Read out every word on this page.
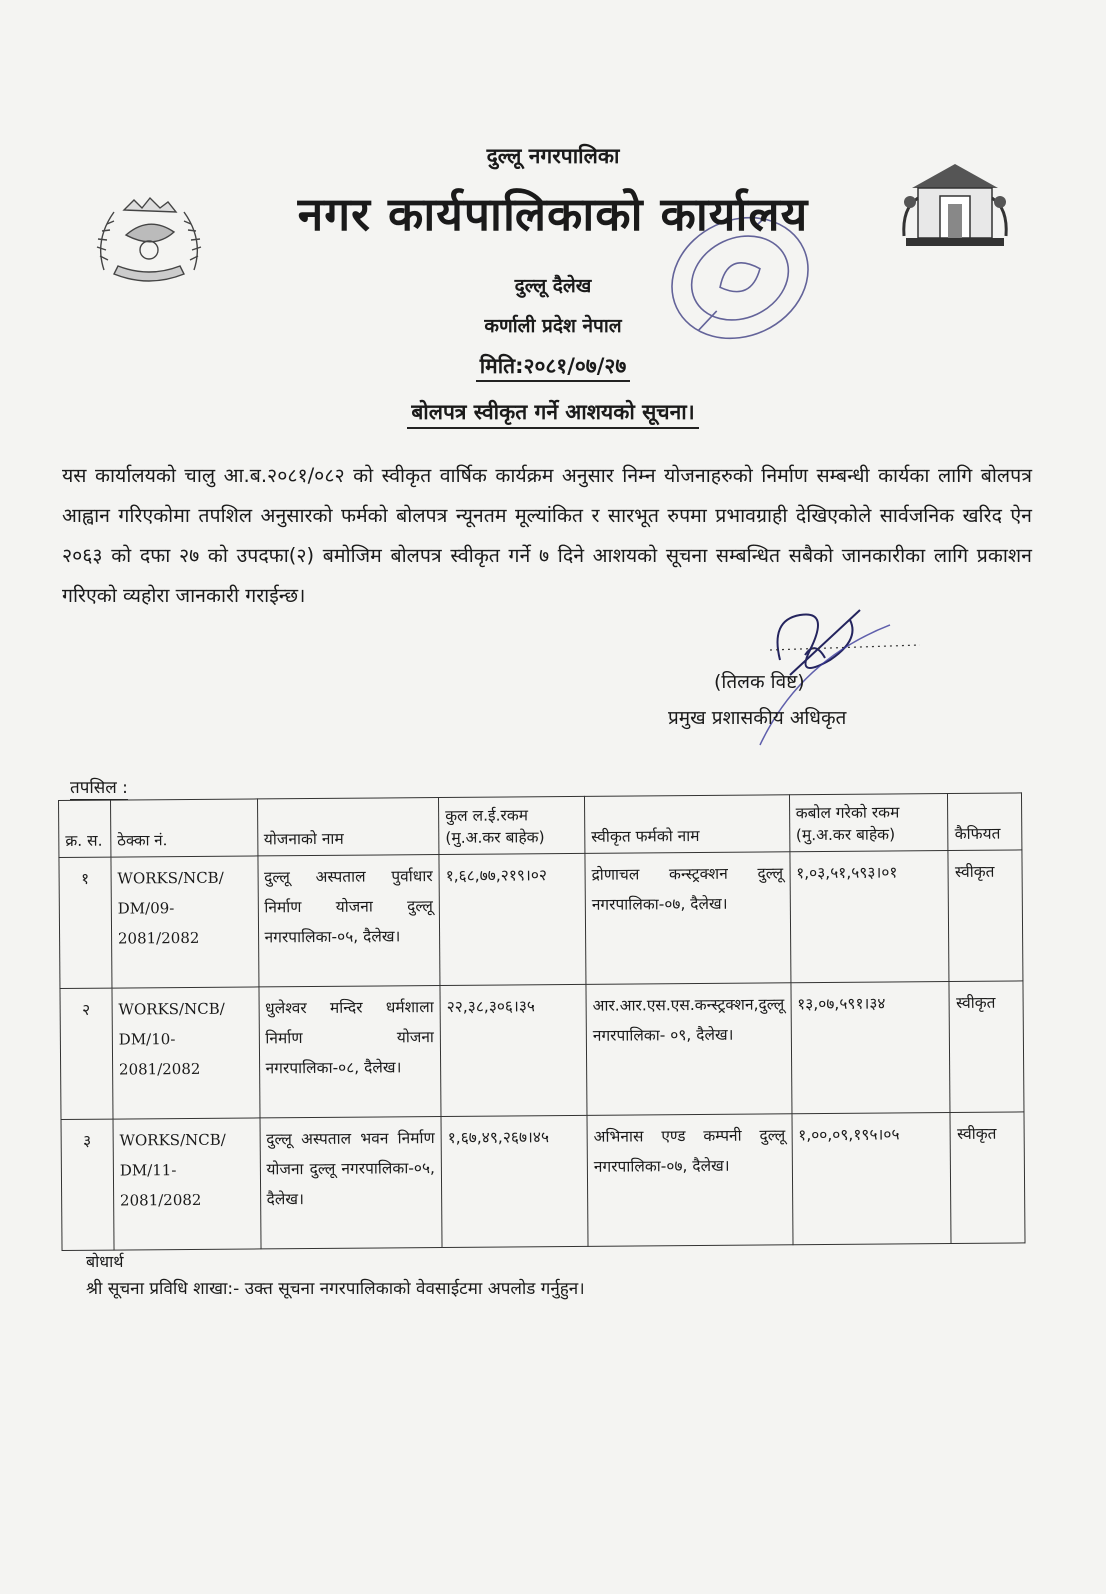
दुल्लू नगरपालिका
नगर कार्यपालिकाको कार्यालय
दुल्लू दैलेख
कर्णाली प्रदेश नेपाल
मिति:२०८१/०७/२७
बोलपत्र स्वीकृत गर्ने आशयको सूचना।
यस कार्यालयको चालु आ.ब.२०८१/०८२ को स्वीकृत वार्षिक कार्यक्रम अनुसार निम्न योजनाहरुको निर्माण सम्बन्धी कार्यका लागि बोलपत्र आह्वान गरिएकोमा तपशिल अनुसारको फर्मको बोलपत्र न्यूनतम मूल्यांकित र सारभूत रुपमा प्रभावग्राही देखिएकोले सार्वजनिक खरिद ऐन २०६३ को दफा २७ को उपदफा(२) बमोजिम बोलपत्र स्वीकृत गर्ने ७ दिने आशयको सूचना सम्बन्धित सबैको जानकारीका लागि प्रकाशन गरिएको व्यहोरा जानकारी गराईन्छ।
(तिलक विष्ट)
प्रमुख प्रशासकीय अधिकृत
तपसिल :
क्र. स.	ठेक्का नं.	योजनाको नाम	कुल ल.ई.रकम (मु.अ.कर बाहेक)	स्वीकृत फर्मको नाम	कबोल गरेको रकम (मु.अ.कर बाहेक)	कैफियत
१	WORKS/NCB/ DM/09- 2081/2082	दुल्लू अस्पताल पुर्वाधार निर्माण योजना दुल्लू नगरपालिका-०५, दैलेख।	१,६८,७७,२१९।०२	द्रोणाचल कन्स्ट्रक्शन दुल्लू नगरपालिका-०७, दैलेख।	१,०३,५१,५९३।०१	स्वीकृत
२	WORKS/NCB/ DM/10- 2081/2082	धुलेश्वर मन्दिर धर्मशाला निर्माण योजना नगरपालिका-०८, दैलेख।	२२,३८,३०६।३५	आर.आर.एस.एस.कन्स्ट्रक्शन,दुल्लू नगरपालिका- ०९, दैलेख।	१३,०७,५९१।३४	स्वीकृत
३	WORKS/NCB/ DM/11- 2081/2082	दुल्लू अस्पताल भवन निर्माण योजना दुल्लू नगरपालिका-०५, दैलेख।	१,६७,४९,२६७।४५	अभिनास एण्ड कम्पनी दुल्लू नगरपालिका-०७, दैलेख।	१,००,०९,१९५।०५	स्वीकृत
बोधार्थ
श्री सूचना प्रविधि शाखा:- उक्त सूचना नगरपालिकाको वेवसाईटमा अपलोड गर्नुहुन।
